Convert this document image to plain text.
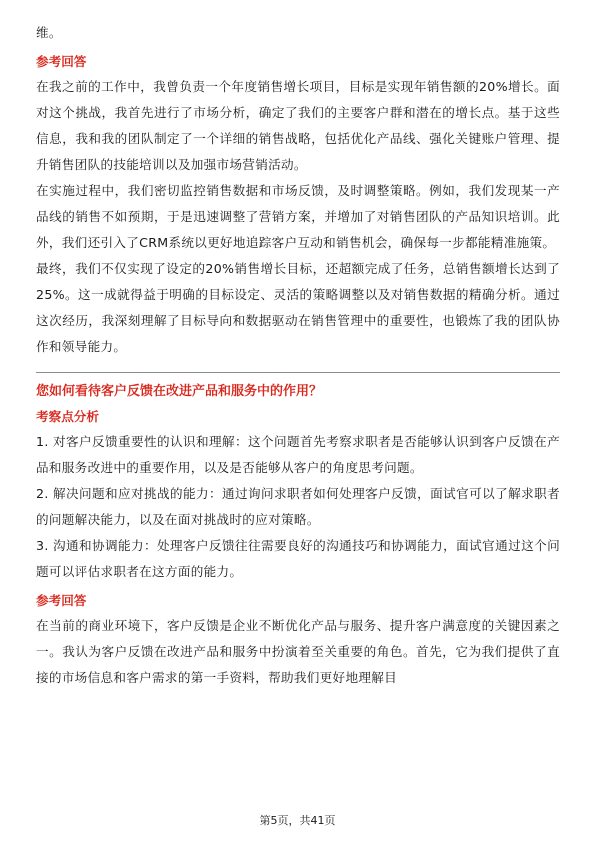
维。

参考回答

在我之前的工作中，我曾负责一个年度销售增长项目，目标是实现年销售额的20%增长。面对这个挑战，我首先进行了市场分析，确定了我们的主要客户群和潜在的增长点。基于这些信息，我和我的团队制定了一个详细的销售战略，包括优化产品线、强化关键账户管理、提升销售团队的技能培训以及加强市场营销活动。

在实施过程中，我们密切监控销售数据和市场反馈，及时调整策略。例如，我们发现某一产品线的销售不如预期，于是迅速调整了营销方案，并增加了对销售团队的产品知识培训。此外，我们还引入了CRM系统以更好地追踪客户互动和销售机会，确保每一步都能精准施策。

最终，我们不仅实现了设定的20%销售增长目标，还超额完成了任务，总销售额增长达到了25%。这一成就得益于明确的目标设定、灵活的策略调整以及对销售数据的精确分析。通过这次经历，我深刻理解了目标导向和数据驱动在销售管理中的重要性，也锻炼了我的团队协作和领导能力。

您如何看待客户反馈在改进产品和服务中的作用？
考察点分析

1. 对客户反馈重要性的认识和理解：这个问题首先考察求职者是否能够认识到客户反馈在产品和服务改进中的重要作用，以及是否能够从客户的角度思考问题。

2. 解决问题和应对挑战的能力：通过询问求职者如何处理客户反馈，面试官可以了解求职者的问题解决能力，以及在面对挑战时的应对策略。

3. 沟通和协调能力：处理客户反馈往往需要良好的沟通技巧和协调能力，面试官通过这个问题可以评估求职者在这方面的能力。

参考回答

在当前的商业环境下，客户反馈是企业不断优化产品与服务、提升客户满意度的关键因素之一。我认为客户反馈在改进产品和服务中扮演着至关重要的角色。首先，它为我们提供了直接的市场信息和客户需求的第一手资料，帮助我们更好地理解目

第5页，共41页
